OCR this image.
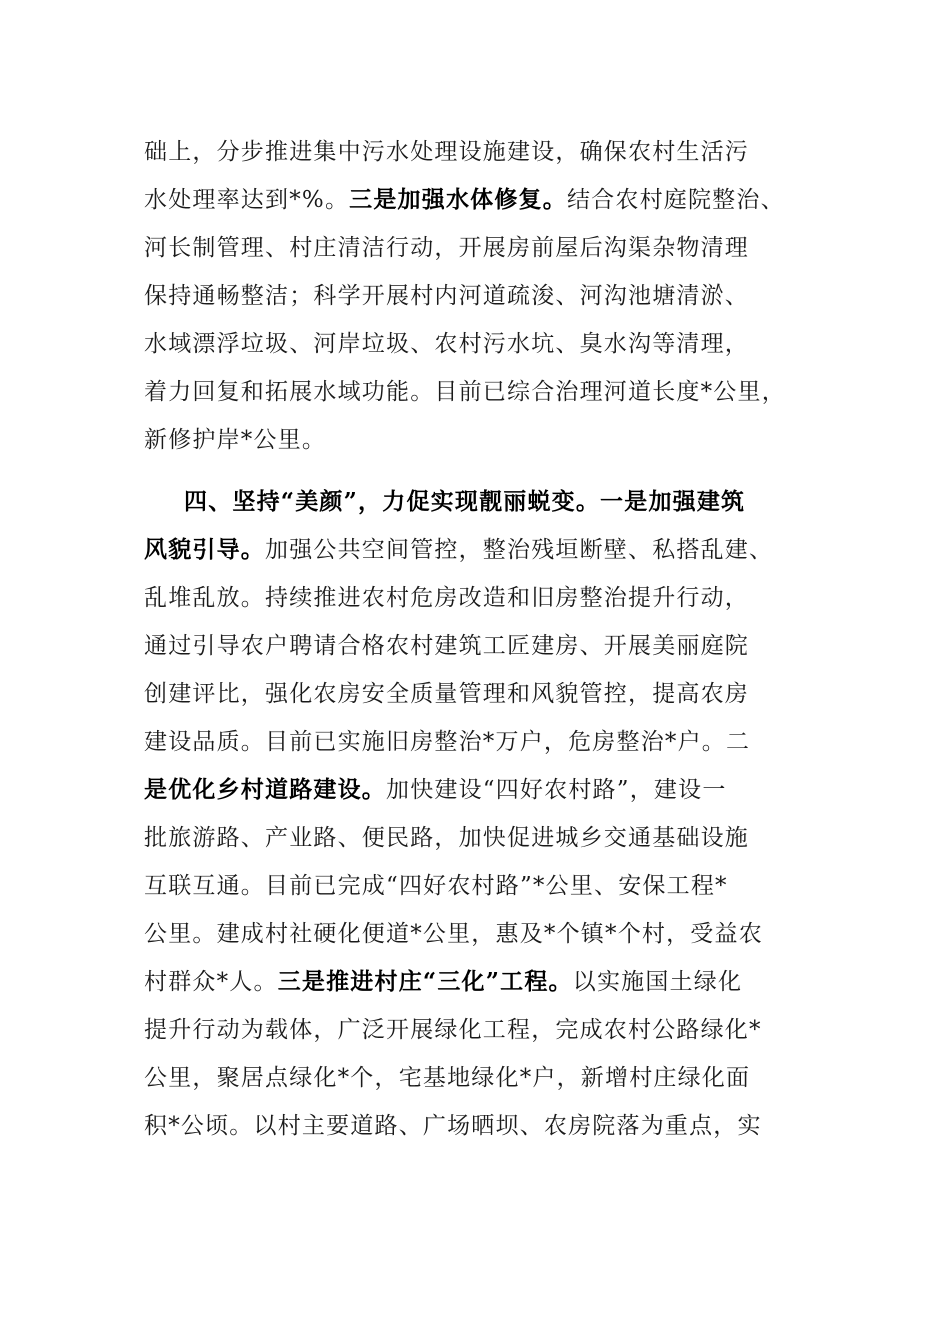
础上，分步推进集中污水处理设施建设，确保农村生活污
水处理率达到*%。三是加强水体修复。结合农村庭院整治、
河长制管理、村庄清洁行动，开展房前屋后沟渠杂物清理
保持通畅整洁；科学开展村内河道疏浚、河沟池塘清淤、
水域漂浮垃圾、河岸垃圾、农村污水坑、臭水沟等清理，
着力回复和拓展水域功能。目前已综合治理河道长度*公里，
新修护岸*公里。
四、坚持“美颜”，力促实现靓丽蜕变。一是加强建筑
风貌引导。加强公共空间管控，整治残垣断壁、私搭乱建、
乱堆乱放。持续推进农村危房改造和旧房整治提升行动，
通过引导农户聘请合格农村建筑工匠建房、开展美丽庭院
创建评比，强化农房安全质量管理和风貌管控，提高农房
建设品质。目前已实施旧房整治*万户，危房整治*户。二
是优化乡村道路建设。加快建设“四好农村路”，建设一
批旅游路、产业路、便民路，加快促进城乡交通基础设施
互联互通。目前已完成“四好农村路”*公里、安保工程*
公里。建成村社硬化便道*公里，惠及*个镇*个村，受益农
村群众*人。三是推进村庄“三化”工程。以实施国土绿化
提升行动为载体，广泛开展绿化工程，完成农村公路绿化*
公里，聚居点绿化*个，宅基地绿化*户，新增村庄绿化面
积*公顷。以村主要道路、广场晒坝、农房院落为重点，实
